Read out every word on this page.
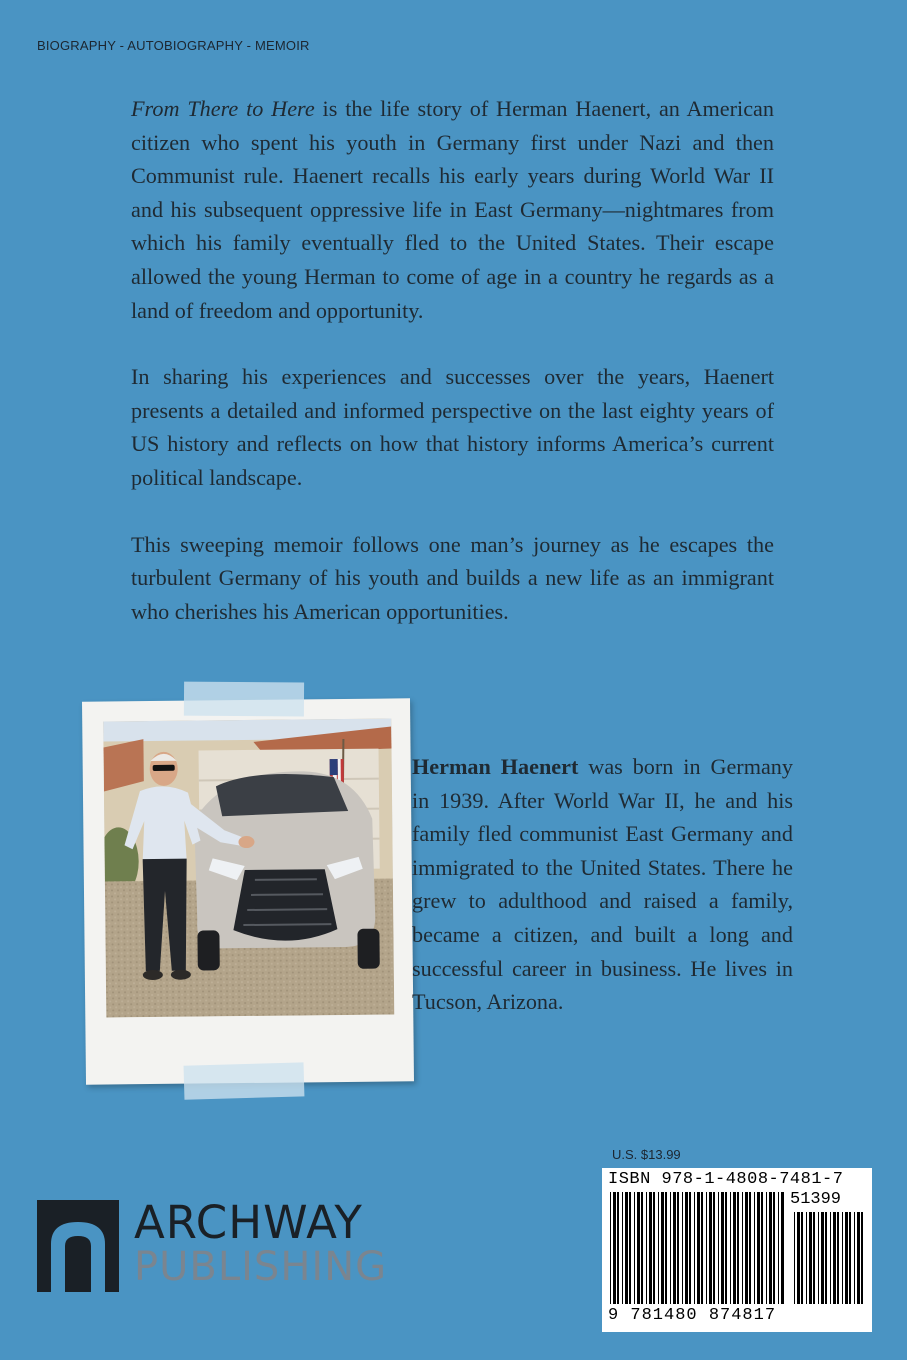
BIOGRAPHY - AUTOBIOGRAPHY - MEMOIR

From There to Here is the life story of Herman Haenert, an American citizen who spent his youth in Germany first under Nazi and then Communist rule. Haenert recalls his early years during World War II and his subsequent oppressive life in East Germany—nightmares from which his family eventually fled to the United States. Their escape allowed the young Herman to come of age in a country he regards as a land of freedom and opportunity.

In sharing his experiences and successes over the years, Haenert presents a detailed and informed perspective on the last eighty years of US history and reflects on how that history informs America’s current political landscape.

This sweeping memoir follows one man’s journey as he escapes the turbulent Germany of his youth and builds a new life as an immigrant who cherishes his American opportunities.

Herman Haenert was born in Germany in 1939. After World War II, he and his family fled communist East Germany and immigrated to the United States. There he grew to adulthood and raised a family, became a citizen, and built a long and successful career in business. He lives in Tucson, Arizona.
U.S. $13.99
ISBN 978-1-4808-7481-7
51399
9 781480 874817
ARCHWAY
PUBLISHING
